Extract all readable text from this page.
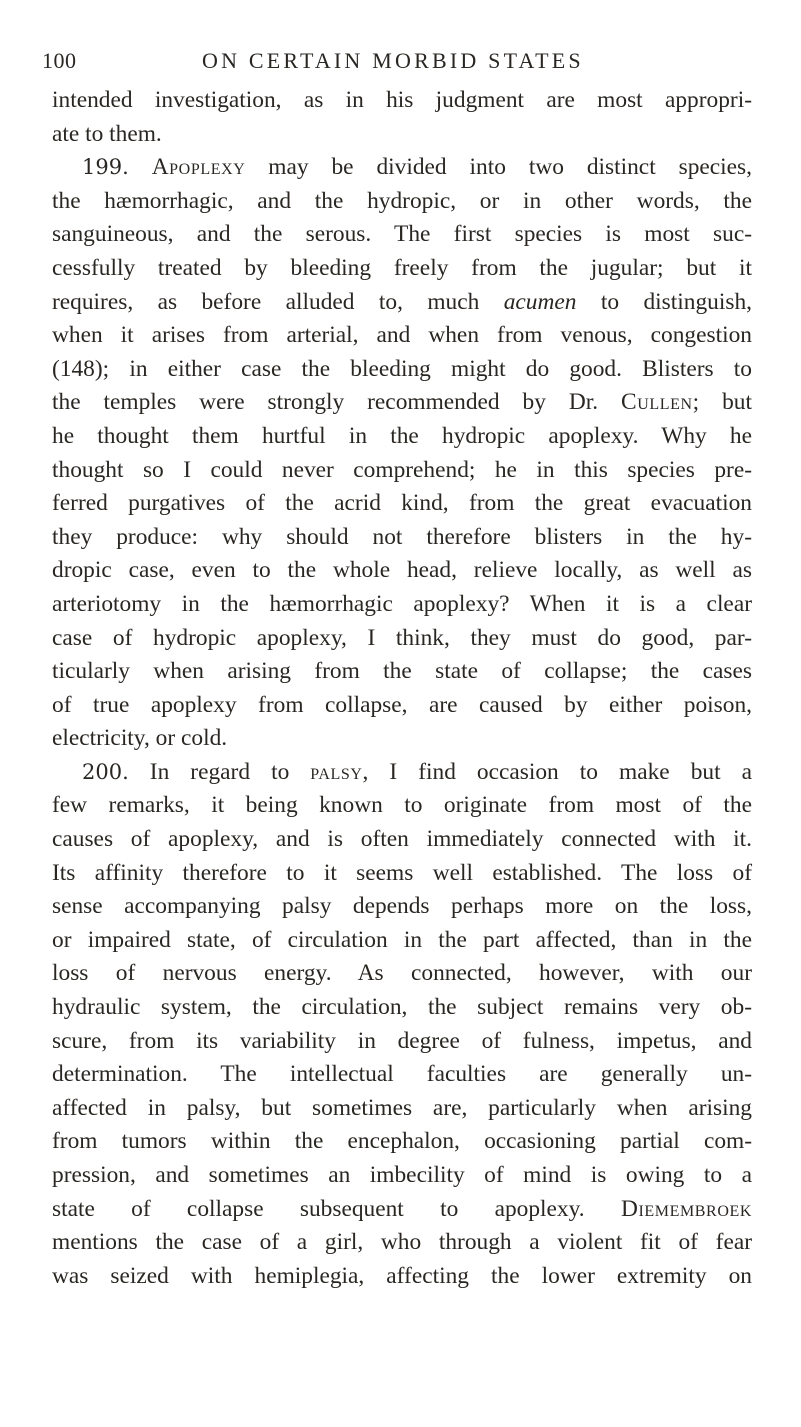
100	ON CERTAIN MORBID STATES
intended investigation, as in his judgment are most appropri-
ate to them.
199. Apoplexy may be divided into two distinct species,
the hæmorrhagic, and the hydropic, or in other words, the
sanguineous, and the serous. The first species is most suc-
cessfully treated by bleeding freely from the jugular; but it
requires, as before alluded to, much acumen to distinguish,
when it arises from arterial, and when from venous, congestion
(148); in either case the bleeding might do good. Blisters to
the temples were strongly recommended by Dr. Cullen; but
he thought them hurtful in the hydropic apoplexy. Why he
thought so I could never comprehend; he in this species pre-
ferred purgatives of the acrid kind, from the great evacuation
they produce: why should not therefore blisters in the hy-
dropic case, even to the whole head, relieve locally, as well as
arteriotomy in the hæmorrhagic apoplexy? When it is a clear
case of hydropic apoplexy, I think, they must do good, par-
ticularly when arising from the state of collapse; the cases
of true apoplexy from collapse, are caused by either poison,
electricity, or cold.
200. In regard to palsy, I find occasion to make but a
few remarks, it being known to originate from most of the
causes of apoplexy, and is often immediately connected with it.
Its affinity therefore to it seems well established. The loss of
sense accompanying palsy depends perhaps more on the loss,
or impaired state, of circulation in the part affected, than in the
loss of nervous energy. As connected, however, with our
hydraulic system, the circulation, the subject remains very ob-
scure, from its variability in degree of fulness, impetus, and
determination. The intellectual faculties are generally un-
affected in palsy, but sometimes are, particularly when arising
from tumors within the encephalon, occasioning partial com-
pression, and sometimes an imbecility of mind is owing to a
state of collapse subsequent to apoplexy. Diemembroek
mentions the case of a girl, who through a violent fit of fear
was seized with hemiplegia, affecting the lower extremity on
